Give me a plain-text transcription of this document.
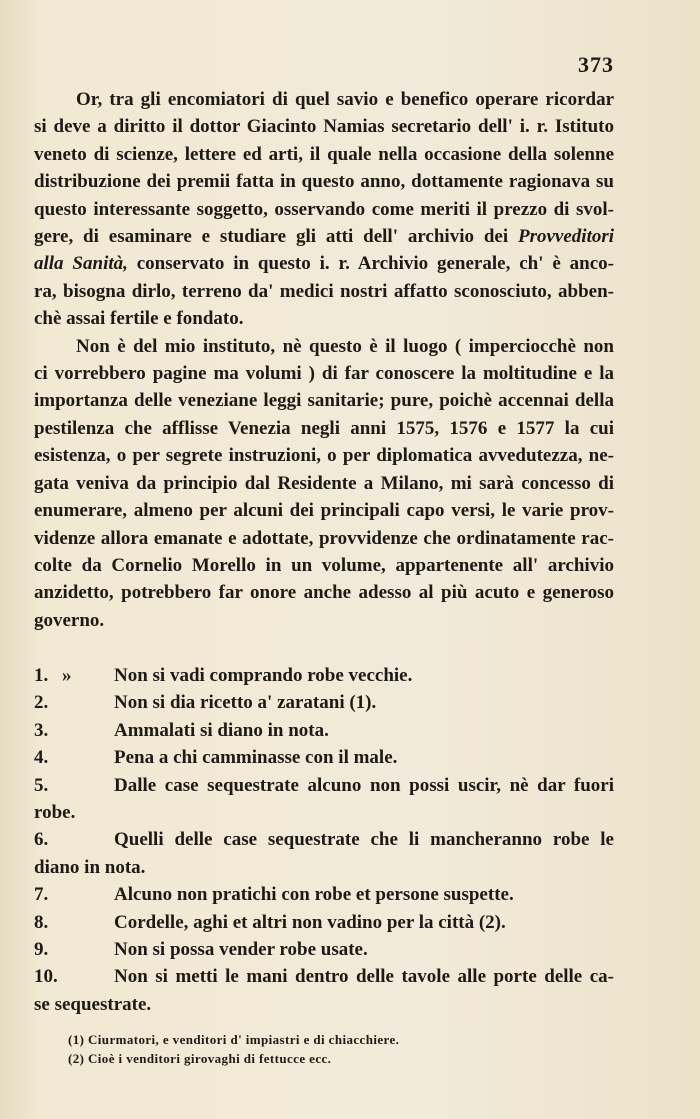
373

Or, tra gli encomiatori di quel savio e benefico operare ricordar
si deve a diritto il dottor Giacinto Namias secretario dell' i. r. Istituto
veneto di scienze, lettere ed arti, il quale nella occasione della solenne
distribuzione dei premii fatta in questo anno, dottamente ragionava su
questo interessante soggetto, osservando come meriti il prezzo di svol-
gere, di esaminare e studiare gli atti dell' archivio dei Provveditori
alla Sanità, conservato in questo i. r. Archivio generale, ch' è anco-
ra, bisogna dirlo, terreno da' medici nostri affatto sconosciuto, abben-
chè assai fertile e fondato.

Non è del mio instituto, nè questo è il luogo ( imperciocchè non
ci vorrebbero pagine ma volumi ) di far conoscere la moltitudine e la
importanza delle veneziane leggi sanitarie; pure, poichè accennai della
pestilenza che afflisse Venezia negli anni 1575, 1576 e 1577 la cui
esistenza, o per segrete instruzioni, o per diplomatica avvedutezza, ne-
gata veniva da principio dal Residente a Milano, mi sarà concesso di
enumerare, almeno per alcuni dei principali capo versi, le varie prov-
videnze allora emanate e adottate, provvidenze che ordinatamente rac-
colte da Cornelio Morello in un volume, appartenente all' archivio
anzidetto, potrebbero far onore anche adesso al più acuto e generoso
governo.

»
1.	Non si vadi comprando robe vecchie.
2.	Non si dia ricetto a' zaratani (1).
3.	Ammalati si diano in nota.
4.	Pena a chi camminasse con il male.
5.	Dalle case sequestrate alcuno non possi uscir, nè dar fuori
robe.
6.	Quelli delle case sequestrate che li mancheranno robe le
diano in nota.
7.	Alcuno non pratichi con robe et persone suspette.
8.	Cordelle, aghi et altri non vadino per la città (2).
9.	Non si possa vender robe usate.
10.	Non si metti le mani dentro delle tavole alle porte delle ca-
se sequestrate.
(1) Ciurmatori, e venditori d' impiastri e di chiacchiere.
(2) Cioè i venditori girovaghi di fettucce ecc.
